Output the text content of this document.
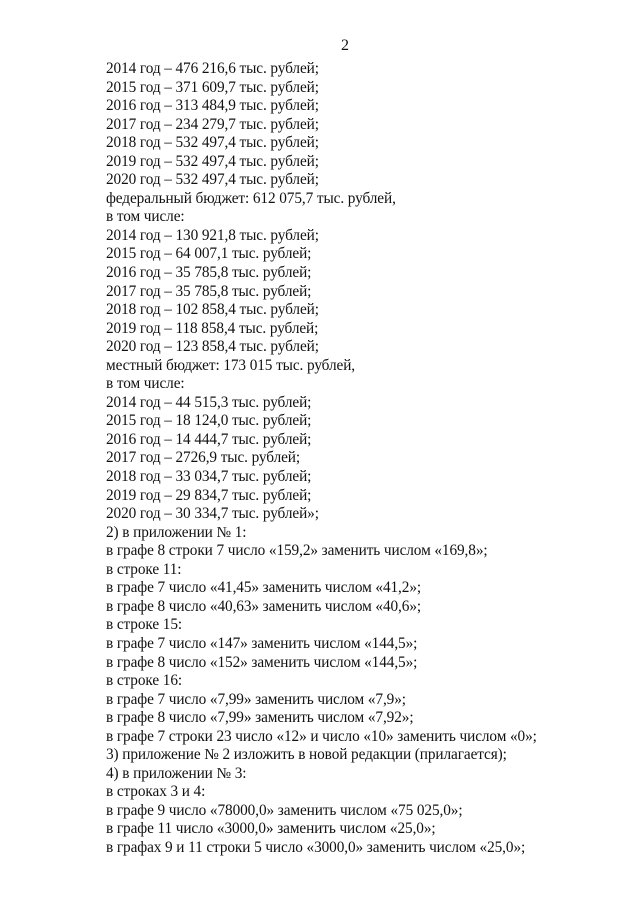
2
2014 год – 476 216,6 тыс. рублей;
2015 год – 371 609,7 тыс. рублей;
2016 год – 313 484,9 тыс. рублей;
2017 год – 234 279,7 тыс. рублей;
2018 год – 532 497,4 тыс. рублей;
2019 год – 532 497,4 тыс. рублей;
2020 год – 532 497,4 тыс. рублей;
федеральный бюджет: 612 075,7 тыс. рублей,
в том числе:
2014 год – 130 921,8 тыс. рублей;
2015 год – 64 007,1 тыс. рублей;
2016 год – 35 785,8 тыс. рублей;
2017 год – 35 785,8 тыс. рублей;
2018 год – 102 858,4 тыс. рублей;
2019 год – 118 858,4 тыс. рублей;
2020 год – 123 858,4 тыс. рублей;
местный бюджет: 173 015 тыс. рублей,
в том числе:
2014 год – 44 515,3 тыс. рублей;
2015 год – 18 124,0 тыс. рублей;
2016 год – 14 444,7 тыс. рублей;
2017 год – 2726,9 тыс. рублей;
2018 год – 33 034,7 тыс. рублей;
2019 год – 29 834,7 тыс. рублей;
2020 год – 30 334,7 тыс. рублей»;
2) в приложении № 1:
в графе 8 строки 7 число «159,2» заменить числом «169,8»;
в строке 11:
в графе 7 число «41,45» заменить числом «41,2»;
в графе 8 число «40,63» заменить числом «40,6»;
в строке 15:
в графе 7 число «147» заменить числом «144,5»;
в графе 8 число «152» заменить числом «144,5»;
в строке 16:
в графе 7 число «7,99» заменить числом «7,9»;
в графе 8 число «7,99» заменить числом «7,92»;
в графе 7 строки 23 число «12» и число «10» заменить числом «0»;
3) приложение № 2 изложить в новой редакции (прилагается);
4) в приложении № 3:
в строках 3 и 4:
в графе 9 число «78000,0» заменить числом «75 025,0»;
в графе 11 число «3000,0» заменить числом «25,0»;
в графах 9 и 11 строки 5 число «3000,0» заменить числом «25,0»;
